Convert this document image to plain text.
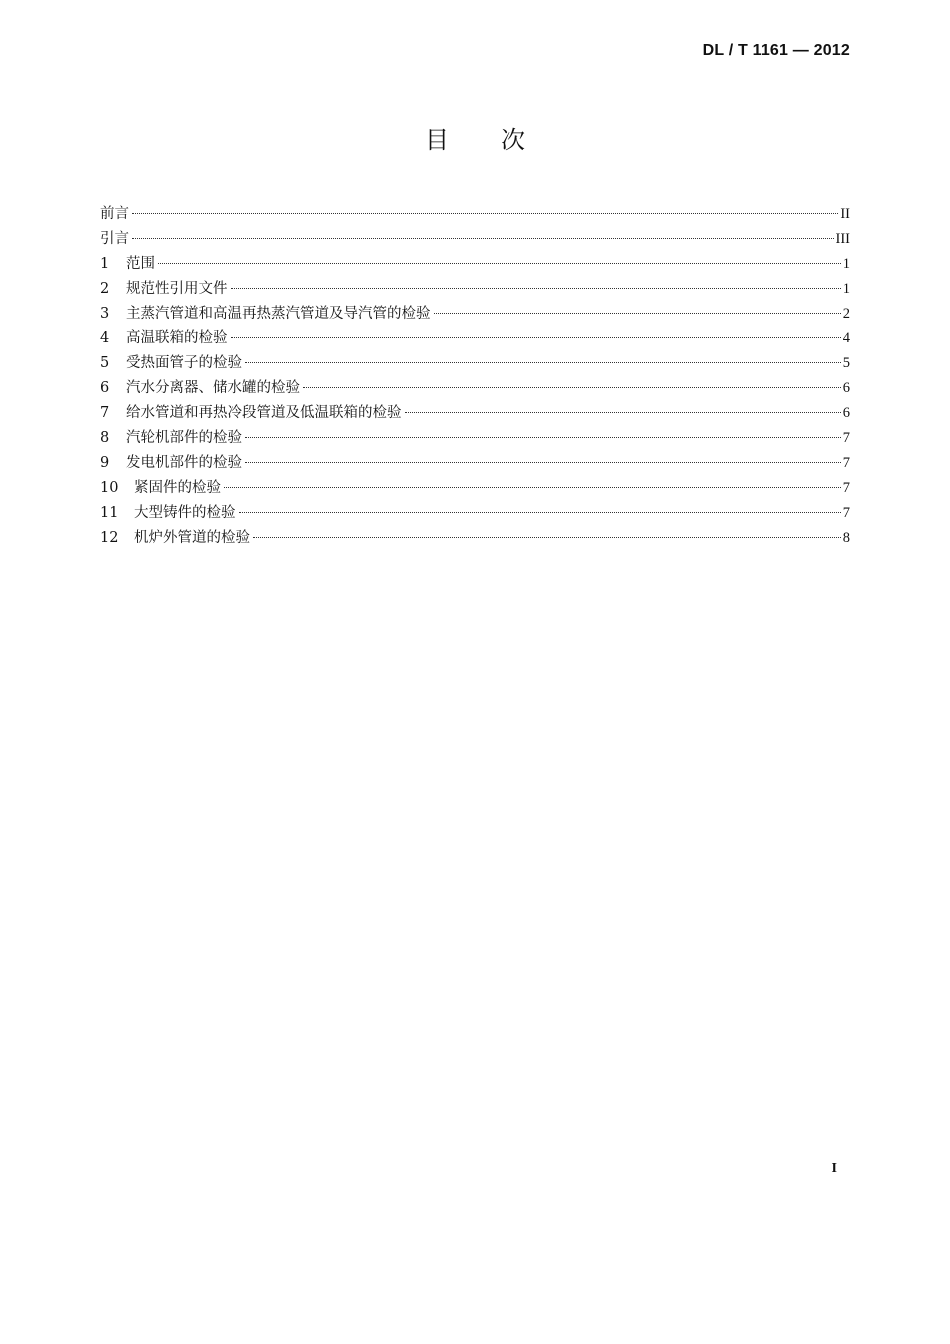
DL / T 1161 — 2012
目 次
前言	II
引言	III
1	范围	1
2	规范性引用文件	1
3	主蒸汽管道和高温再热蒸汽管道及导汽管的检验	2
4	高温联箱的检验	4
5	受热面管子的检验	5
6	汽水分离器、储水罐的检验	6
7	给水管道和再热冷段管道及低温联箱的检验	6
8	汽轮机部件的检验	7
9	发电机部件的检验	7
10	紧固件的检验	7
11	大型铸件的检验	7
12	机炉外管道的检验	8
I
